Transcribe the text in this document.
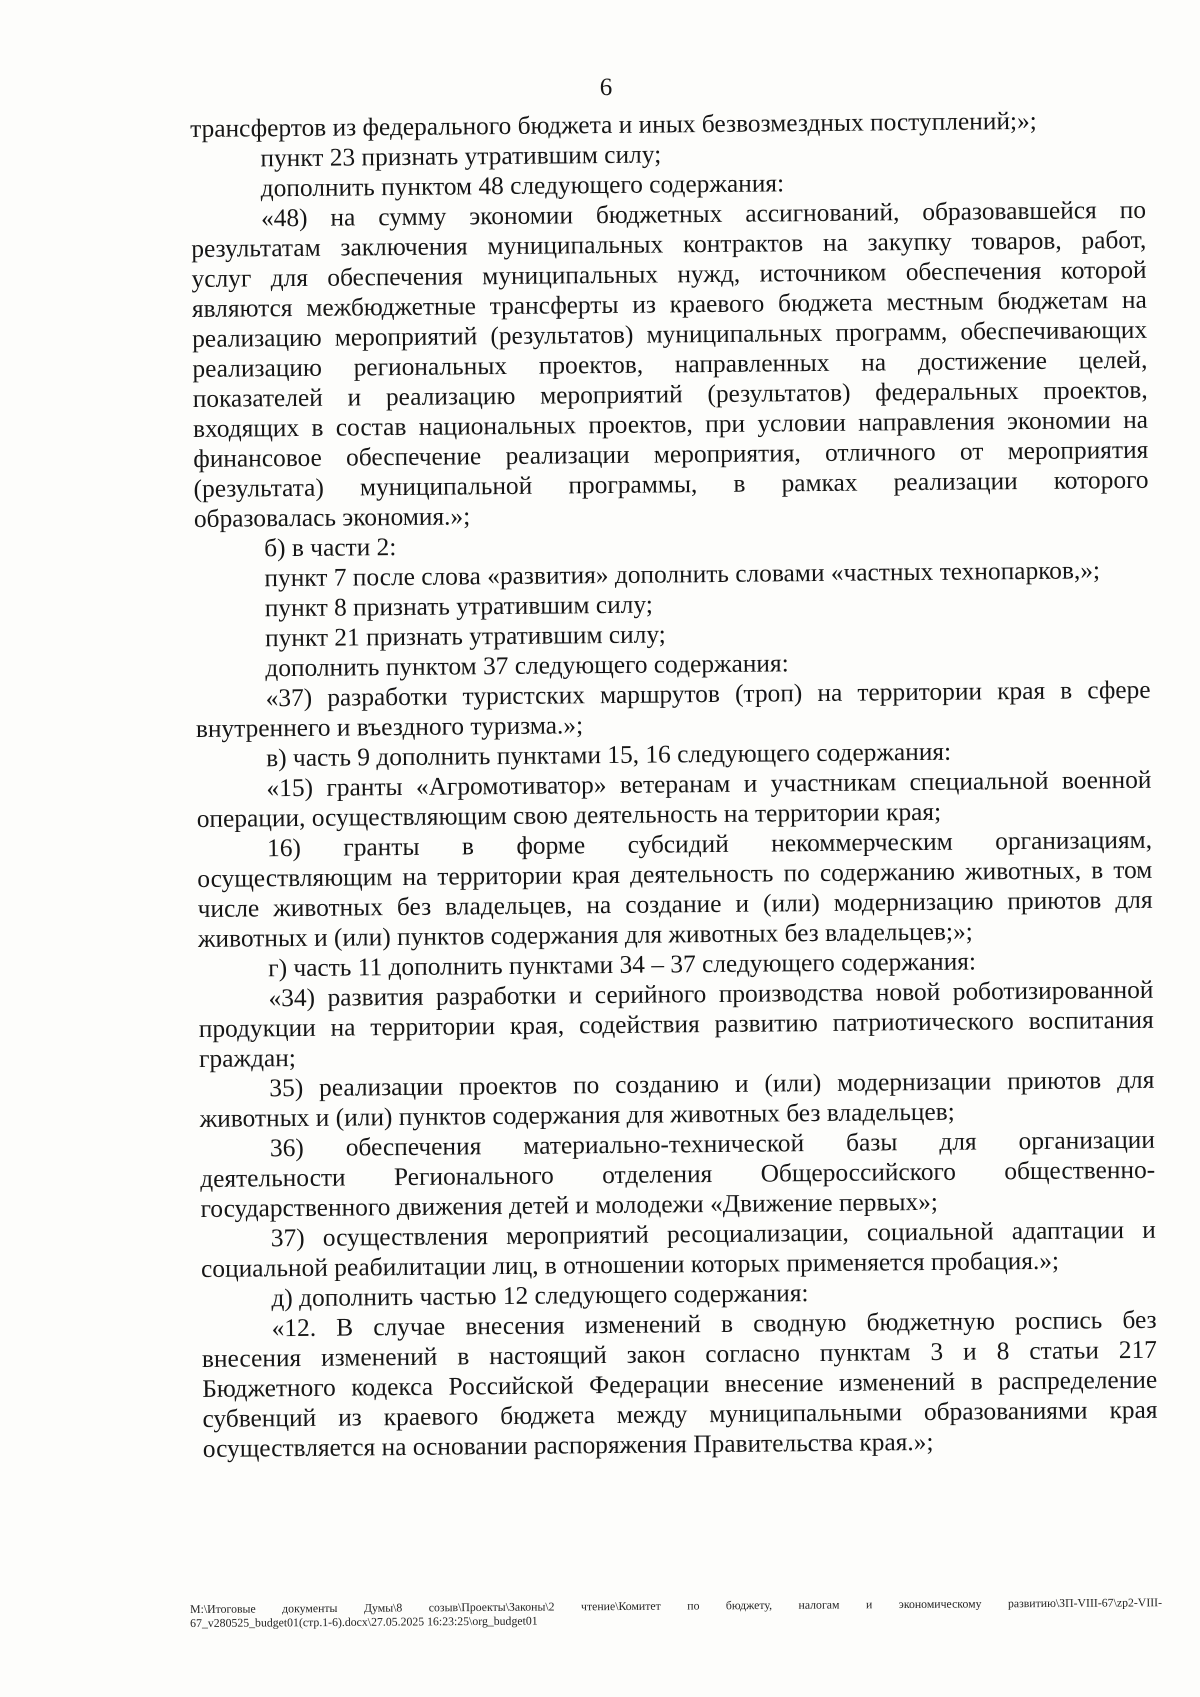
6
трансфертов из федерального бюджета и иных безвозмездных поступлений;»;
пункт 23 признать утратившим силу;
дополнить пунктом 48 следующего содержания:
«48) на сумму экономии бюджетных ассигнований, образовавшейся по
результатам заключения муниципальных контрактов на закупку товаров, работ,
услуг для обеспечения муниципальных нужд, источником обеспечения которой
являются межбюджетные трансферты из краевого бюджета местным бюджетам на
реализацию мероприятий (результатов) муниципальных программ, обеспечивающих
реализацию региональных проектов, направленных на достижение целей,
показателей и реализацию мероприятий (результатов) федеральных проектов,
входящих в состав национальных проектов, при условии направления экономии на
финансовое обеспечение реализации мероприятия, отличного от мероприятия
(результата) муниципальной программы, в рамках реализации которого
образовалась экономия.»;
б) в части 2:
пункт 7 после слова «развития» дополнить словами «частных технопарков,»;
пункт 8 признать утратившим силу;
пункт 21 признать утратившим силу;
дополнить пунктом 37 следующего содержания:
«37) разработки туристских маршрутов (троп) на территории края в сфере
внутреннего и въездного туризма.»;
в) часть 9 дополнить пунктами 15, 16 следующего содержания:
«15) гранты «Агромотиватор» ветеранам и участникам специальной военной
операции, осуществляющим свою деятельность на территории края;
16) гранты в форме субсидий некоммерческим организациям,
осуществляющим на территории края деятельность по содержанию животных, в том
числе животных без владельцев, на создание и (или) модернизацию приютов для
животных и (или) пунктов содержания для животных без владельцев;»;
г) часть 11 дополнить пунктами 34 – 37 следующего содержания:
«34) развития разработки и серийного производства новой роботизированной
продукции на территории края, содействия развитию патриотического воспитания
граждан;
35) реализации проектов по созданию и (или) модернизации приютов для
животных и (или) пунктов содержания для животных без владельцев;
36) обеспечения материально-технической базы для организации
деятельности Регионального отделения Общероссийского общественно-
государственного движения детей и молодежи «Движение первых»;
37) осуществления мероприятий ресоциализации, социальной адаптации и
социальной реабилитации лиц, в отношении которых применяется пробация.»;
д) дополнить частью 12 следующего содержания:
«12. В случае внесения изменений в сводную бюджетную роспись без
внесения изменений в настоящий закон согласно пунктам 3 и 8 статьи 217
Бюджетного кодекса Российской Федерации внесение изменений в распределение
субвенций из краевого бюджета между муниципальными образованиями края
осуществляется на основании распоряжения Правительства края.»;
M:\Итоговые документы Думы\8 созыв\Проекты\Законы\2 чтение\Комитет по бюджету, налогам и экономическому развитию\ЗП-VIII-67\zp2-VIII-
67_v280525_budget01(стр.1-6).docx\27.05.2025 16:23:25\org_budget01
